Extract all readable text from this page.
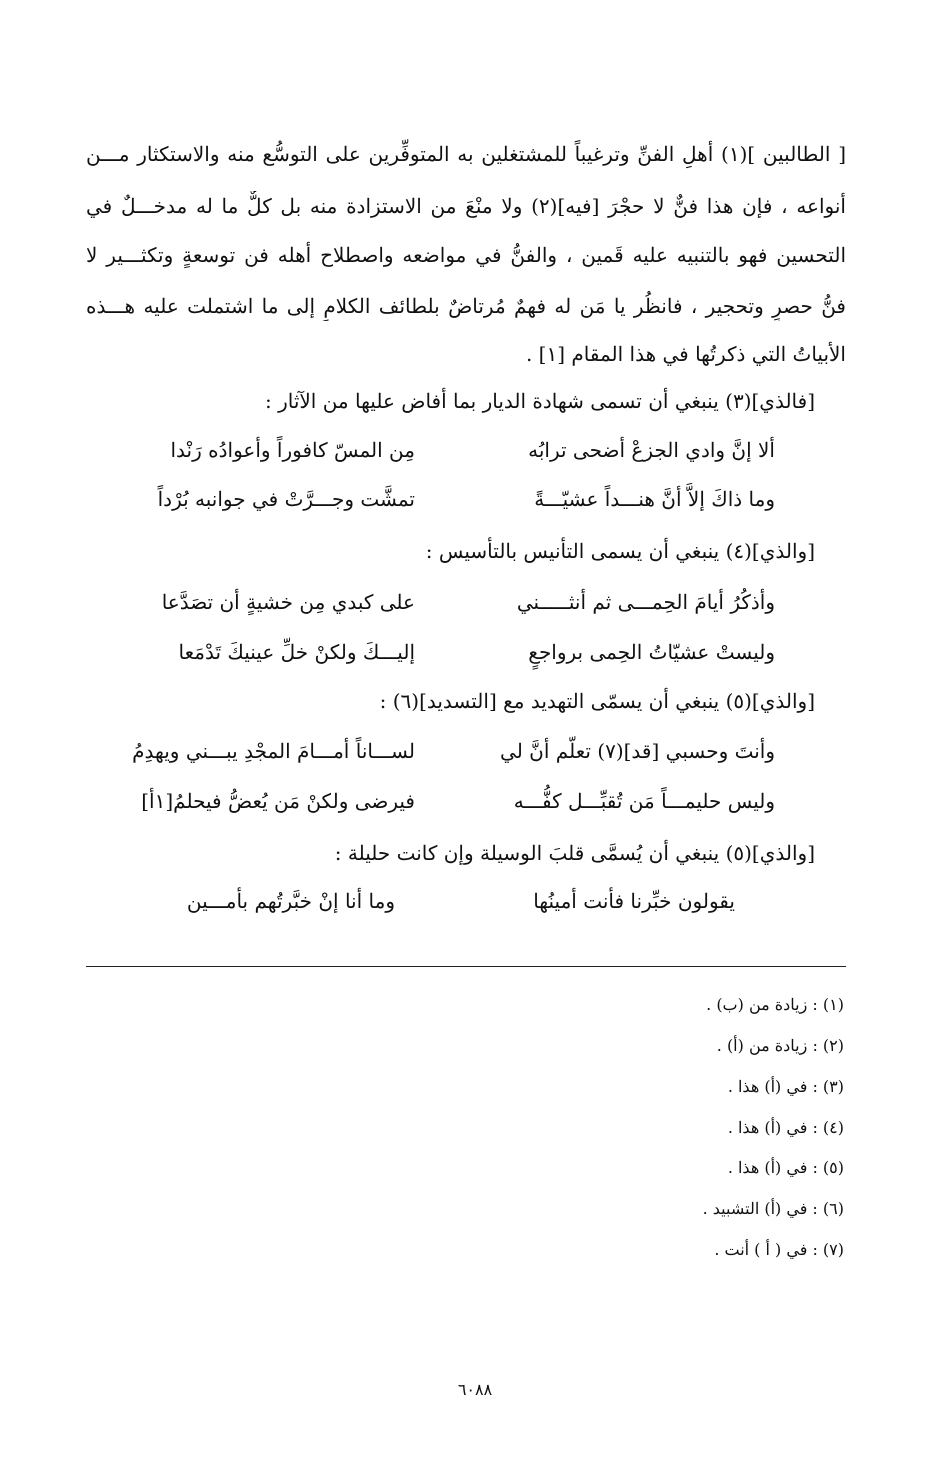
[ الطالبين ](١) أهلِ الفنِّ وترغيباً للمشتغلين به المتوفِّرين على التوسُّع منه والاستكثار مـــن
أنواعه ، فإن هذا فنٌّ لا حجْرَ [فيه](٢) ولا منْعَ من الاستزادة منه بل كلٌّ ما له مدخـــلٌ في
التحسين فهو بالتنبيه عليه قَمين ، والفنُّ في مواضعه واصطلاح أهله فن توسعةٍ وتكثـــير لا
فنُّ حصرٍ وتحجير ، فانظُر يا مَن له فهمٌ مُرتاضٌ بلطائف الكلامِ إلى ما اشتملت عليه هـــذه
الأبياتُ التي ذكرتُها في هذا المقام [١] .
[فالذي](٣) ينبغي أن تسمى شهادة الديار بما أفاض عليها من الآثار :
ألا إنَّ وادي الجزعْ أضحى ترابُه
مِن المسّ كافوراً وأعوادُه رَنْدا
وما ذاكَ إلاَّ أنَّ هنـــداً عشيّـــةً
تمشَّت وجـــرَّتْ في جوانبه بُرْداً
[والذي](٤) ينبغي أن يسمى التأنيس بالتأسيس :
وأذكُرُ أيامَ الحِمـــى ثم أنثـــــني
على كبدي مِن خشيةٍ أن تصَدَّعا
وليستْ عشيّاتُ الحِمى برواجعٍ
إليـــكَ ولكنْ خلِّ عينيكَ تَدْمَعا
[والذي](٥) ينبغي أن يسمّى التهديد مع [التسديد](٦) :
وأنتَ وحسبي [قد](٧) تعلّم أنَّ لي
لســـاناً أمـــامَ المجْدِ يبـــني ويهدِمُ
وليس حليمـــاً مَن تُقبِّـــل كفُّـــه
فيرضى ولكنْ مَن يُعضُّ فيحلمُ[١أ]
[والذي](٥) ينبغي أن يُسمَّى قلبَ الوسيلة وإن كانت حليلة :
يقولون خبِّرنا فأنت أمينُها
وما أنا إنْ خبَّرتُهم بأمـــين
(١) : زيادة من (ب) .
(٢) : زيادة من (أ) .
(٣) : في (أ) هذا .
(٤) : في (أ) هذا .
(٥) : في (أ) هذا .
(٦) : في (أ) التشبيد .
(٧) : في ( أ ) أنت .
٦٠٨٨
